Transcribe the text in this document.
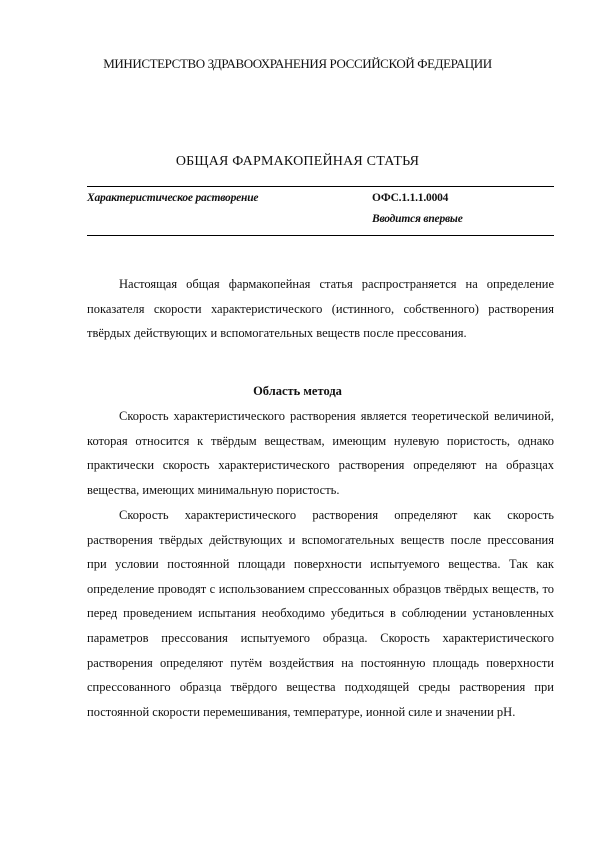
МИНИСТЕРСТВО ЗДРАВООХРАНЕНИЯ РОССИЙСКОЙ ФЕДЕРАЦИИ
ОБЩАЯ ФАРМАКОПЕЙНАЯ СТАТЬЯ
Характеристическое растворение	ОФС.1.1.1.0004
Вводится впервые
Настоящая общая фармакопейная статья распространяется на определение показателя скорости характеристического (истинного, собственного) растворения твёрдых действующих и вспомогательных веществ после прессования.
Область метода
Скорость характеристического растворения является теоретической величиной, которая относится к твёрдым веществам, имеющим нулевую пористость, однако практически скорость характеристического растворения определяют на образцах вещества, имеющих минимальную пористость.
Скорость характеристического растворения определяют как скорость растворения твёрдых действующих и вспомогательных веществ после прессования при условии постоянной площади поверхности испытуемого вещества. Так как определение проводят с использованием спрессованных образцов твёрдых веществ, то перед проведением испытания необходимо убедиться в соблюдении установленных параметров прессования испытуемого образца. Скорость характеристического растворения определяют путём воздействия на постоянную площадь поверхности спрессованного образца твёрдого вещества подходящей среды растворения при постоянной скорости перемешивания, температуре, ионной силе и значении pH.
